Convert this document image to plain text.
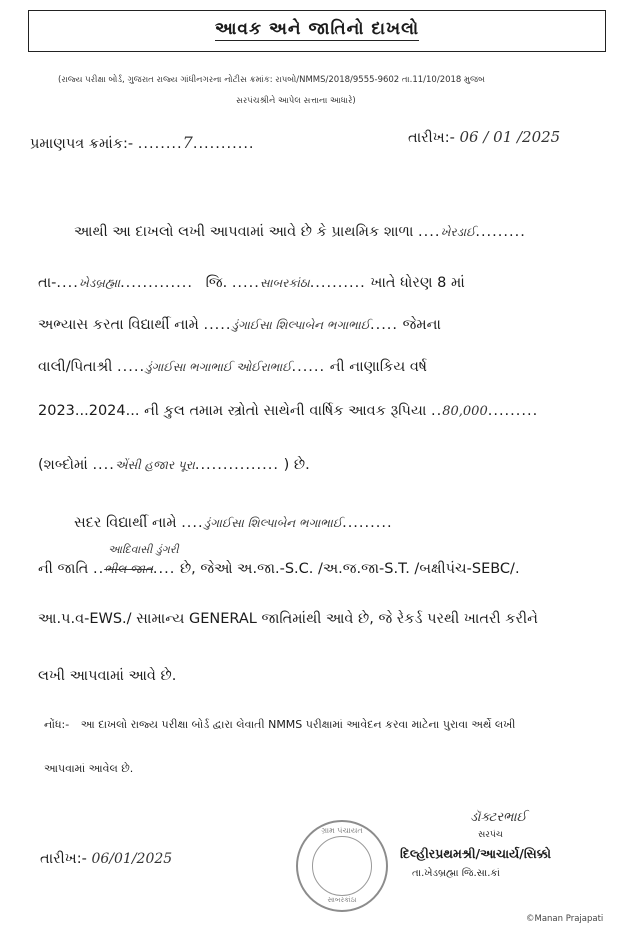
આવક અને જાતિનો દાખલો
(રાજ્ય પરીક્ષા બોર્ડ, ગુજરાત રાજ્ય ગાંધીનગરના નોટીસ ક્રમાંક: રાપબો/NMMS/2018/9555-9602 તા.11/10/2018 મુજબ
સરપંચશ્રીને આપેલ સત્તાના આધારે)
પ્રમાણપત્ર ક્રમાંક:- ........7...........	તારીખ:- 06 / 01 /2025
આથી આ દાખલો લખી આપવામાં આવે છે કે પ્રાથમિક શાળા ....ખેરડાઈ.........
તા-....ખેડબ્રહ્મા............. જિ. .....સાબરકાંઠા.......... ખાતે ધોરણ 8 માં
અભ્યાસ કરતા વિદ્યાર્થી નામે .....ડુંગાઈસા શિલ્પાબેન ભગાભાઈ..... જેમના
વાલી/પિતાશ્રી .....ડુંગાઈસા ભગાભાઈ ઓઈરાભાઈ...... ની નાણાકિય વર્ષ
2023...2024... ની કુલ તમામ સ્ત્રોતો સાથેની વાર્ષિક આવક રૂપિયા ..80,000.........
(શબ્દોમાં ....એંસી હજાર પૂરા............... ) છે.
સદર વિદ્યાર્થી નામે ....ડુંગાઈસા શિલ્પાબેન ભગાભાઈ.........
આદિવાસી ડુંગરી
ની જાતિ ..ભીલ જાત.... છે, જેઓ અ.જા.-S.C. /અ.જ.જા-S.T. /બક્ષીપંચ-SEBC/.
આ.પ.વ-EWS./ સામાન્ય GENERAL જાતિમાંથી આવે છે, જે રેકર્ડ પરથી ખાતરી કરીને
લખી આપવામાં આવે છે.
નોંધ:- આ દાખલો રાજ્ય પરીક્ષા બોર્ડ દ્વારા લેવાતી NMMS પરીક્ષામાં આવેદન કરવા માટેના પુરાવા અર્થે લખી
આપવામાં આવેલ છે.
ગ્રામ પંચાયત
સાબરકાંઠા
તારીખ:- 06/01/2025
ડૉક્ટરભાઈ
સરપંચ
દિલ્હીરપ્રથમશ્રી/આચાર્ય/સિક્કો
તા.ખેડબ્રહ્મા જિ.સા.કાં
©Manan Prajapati
